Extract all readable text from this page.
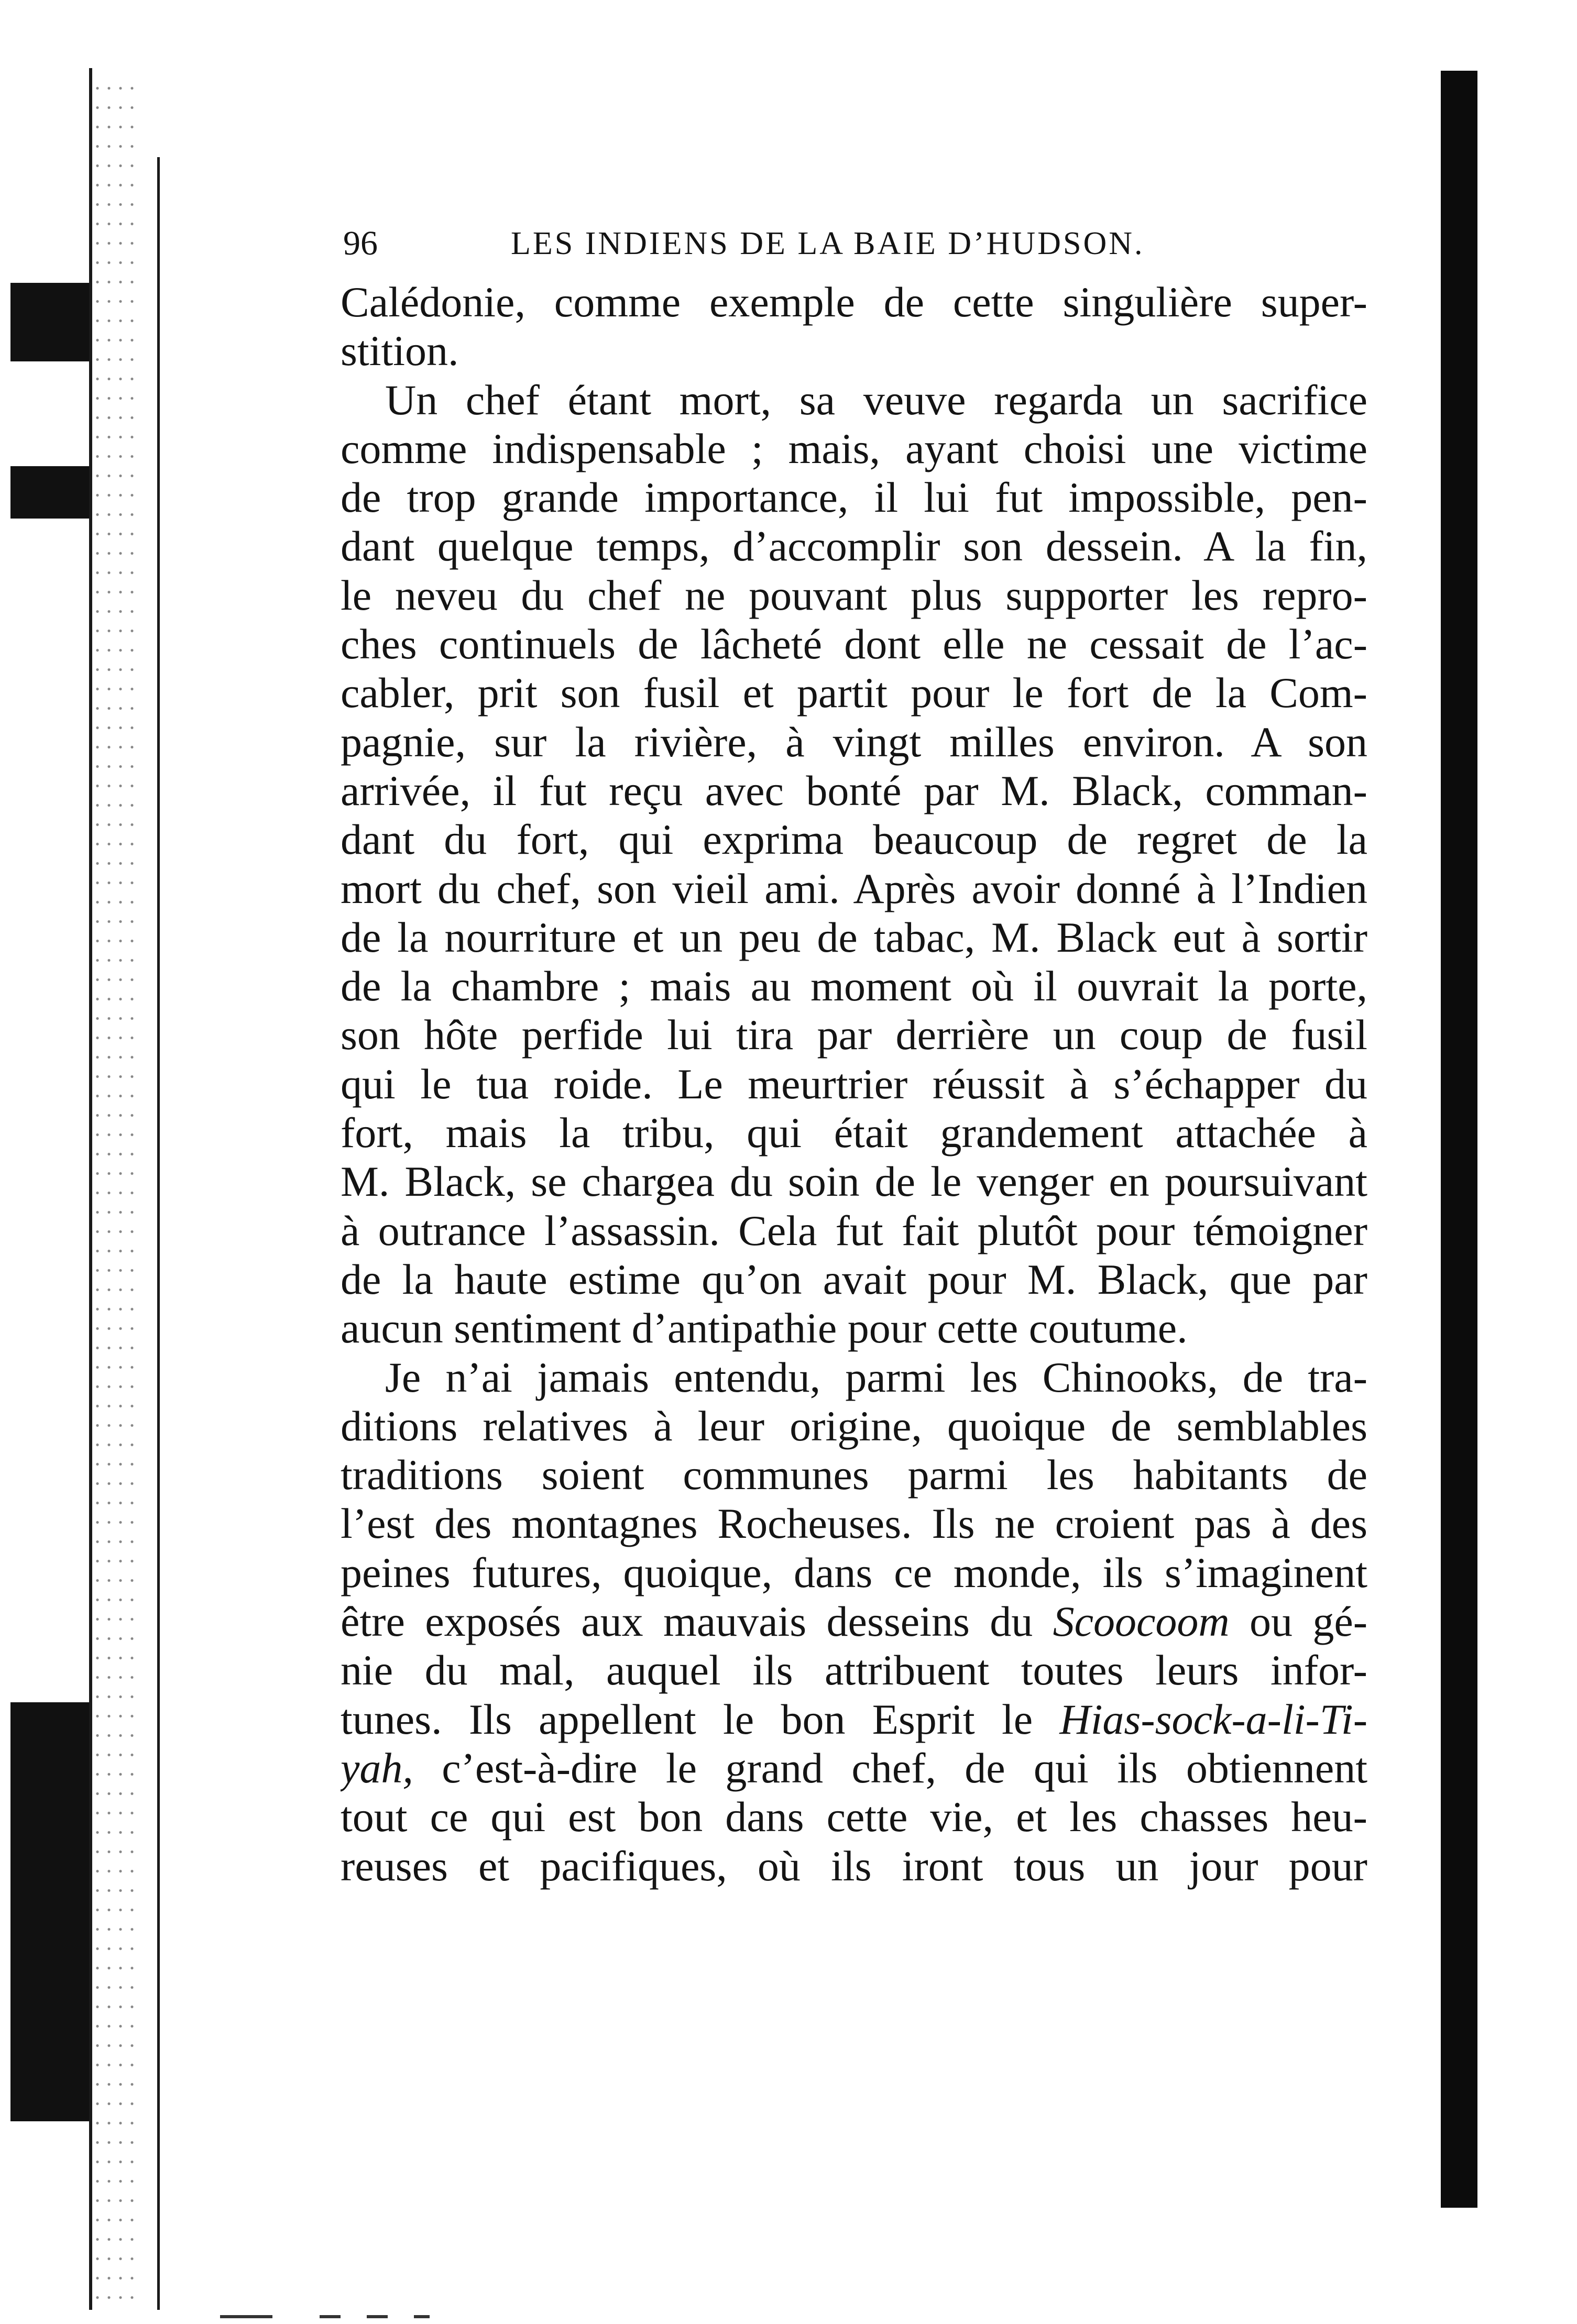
96	LES INDIENS DE LA BAIE D’HUDSON.
Calédonie, comme exemple de cette singulière super-
stition.
Un chef étant mort, sa veuve regarda un sacrifice
comme indispensable ; mais, ayant choisi une victime
de trop grande importance, il lui fut impossible, pen-
dant quelque temps, d’accomplir son dessein. A la fin,
le neveu du chef ne pouvant plus supporter les repro-
ches continuels de lâcheté dont elle ne cessait de l’ac-
cabler, prit son fusil et partit pour le fort de la Com-
pagnie, sur la rivière, à vingt milles environ. A son
arrivée, il fut reçu avec bonté par M. Black, comman-
dant du fort, qui exprima beaucoup de regret de la
mort du chef, son vieil ami. Après avoir donné à l’Indien
de la nourriture et un peu de tabac, M. Black eut à sortir
de la chambre ; mais au moment où il ouvrait la porte,
son hôte perfide lui tira par derrière un coup de fusil
qui le tua roide. Le meurtrier réussit à s’échapper du
fort, mais la tribu, qui était grandement attachée à
M. Black, se chargea du soin de le venger en poursuivant
à outrance l’assassin. Cela fut fait plutôt pour témoigner
de la haute estime qu’on avait pour M. Black, que par
aucun sentiment d’antipathie pour cette coutume.
Je n’ai jamais entendu, parmi les Chinooks, de tra-
ditions relatives à leur origine, quoique de semblables
traditions soient communes parmi les habitants de
l’est des montagnes Rocheuses. Ils ne croient pas à des
peines futures, quoique, dans ce monde, ils s’imaginent
être exposés aux mauvais desseins du Scoocoom ou gé-
nie du mal, auquel ils attribuent toutes leurs infor-
tunes. Ils appellent le bon Esprit le Hias-sock-a-li-Ti-
yah, c’est-à-dire le grand chef, de qui ils obtiennent
tout ce qui est bon dans cette vie, et les chasses heu-
reuses et pacifiques, où ils iront tous un jour pour
